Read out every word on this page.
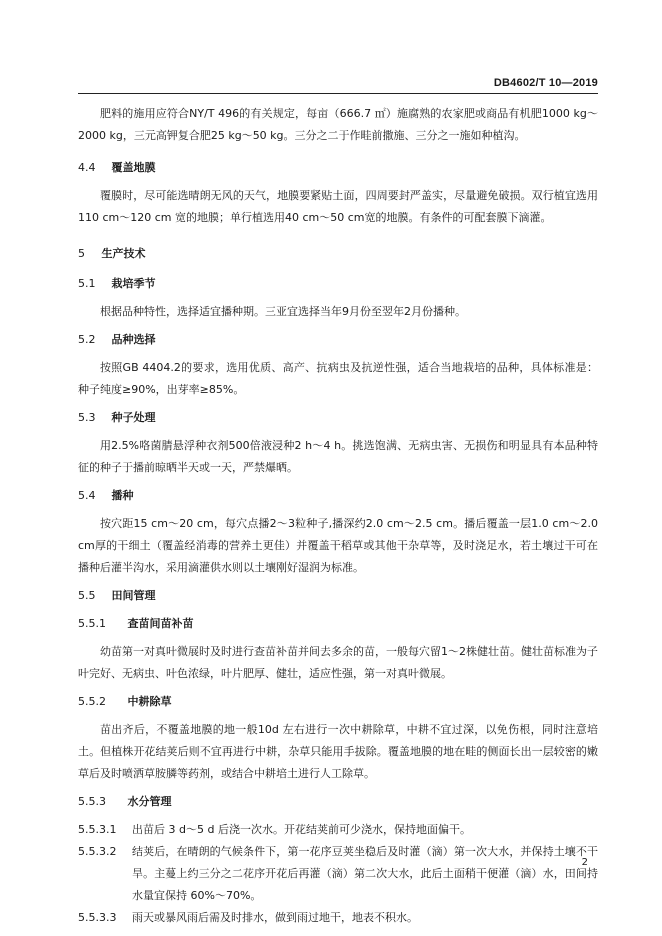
DB4602/T 10—2019

肥料的施用应符合NY/T 496的有关规定，每亩（666.7 ㎡）施腐熟的农家肥或商品有机肥1000 kg～2000 kg，三元高钾复合肥25 kg～50 kg。三分之二于作畦前撒施、三分之一施如种植沟。

4.4 覆盖地膜

覆膜时，尽可能选晴朗无风的天气，地膜要紧贴土面，四周要封严盖实，尽量避免破损。双行植宜选用110 cm～120 cm 宽的地膜；单行植选用40 cm～50 cm宽的地膜。有条件的可配套膜下滴灌。

5 生产技术
5.1 栽培季节

根据品种特性，选择适宜播种期。三亚宜选择当年9月份至翌年2月份播种。

5.2 品种选择

按照GB 4404.2的要求，选用优质、高产、抗病虫及抗逆性强，适合当地栽培的品种，具体标准是：种子纯度≥90%，出芽率≥85%。

5.3 种子处理

用2.5%咯菌腈悬浮种衣剂500倍液浸种2 h～4 h。挑选饱满、无病虫害、无损伤和明显具有本品种特征的种子于播前晾晒半天或一天，严禁爆晒。

5.4 播种

按穴距15 cm～20 cm，每穴点播2～3粒种子,播深约2.0 cm～2.5 cm。播后覆盖一层1.0 cm～2.0 cm厚的干细土（覆盖经消毒的营养土更佳）并覆盖干稻草或其他干杂草等，及时浇足水，若土壤过干可在播种后灌半沟水，采用滴灌供水则以土壤刚好湿润为标准。

5.5 田间管理
5.5.1 查苗间苗补苗

幼苗第一对真叶微展时及时进行查苗补苗并间去多余的苗，一般每穴留1～2株健壮苗。健壮苗标准为子叶完好、无病虫、叶色浓绿，叶片肥厚、健壮，适应性强，第一对真叶微展。

5.5.2 中耕除草

苗出齐后，不覆盖地膜的地一般10d 左右进行一次中耕除草，中耕不宜过深，以免伤根，同时注意培土。但植株开花结荚后则不宜再进行中耕，杂草只能用手拔除。覆盖地膜的地在畦的侧面长出一层较密的嫩草后及时喷洒草胺膦等药剂，或结合中耕培土进行人工除草。

5.5.3 水分管理
5.5.3.1	出苗后 3 d～5 d 后浇一次水。开花结荚前可少浇水，保持地面偏干。
5.5.3.2	结荚后，在晴朗的气候条件下，第一花序豆荚坐稳后及时灌（滴）第一次大水，并保持土壤不干旱。主蔓上约三分之二花序开花后再灌（滴）第二次大水，此后土面稍干便灌（滴）水，田间持水量宜保持 60%～70%。
5.5.3.3	雨天或暴风雨后需及时排水，做到雨过地干，地表不积水。
2
